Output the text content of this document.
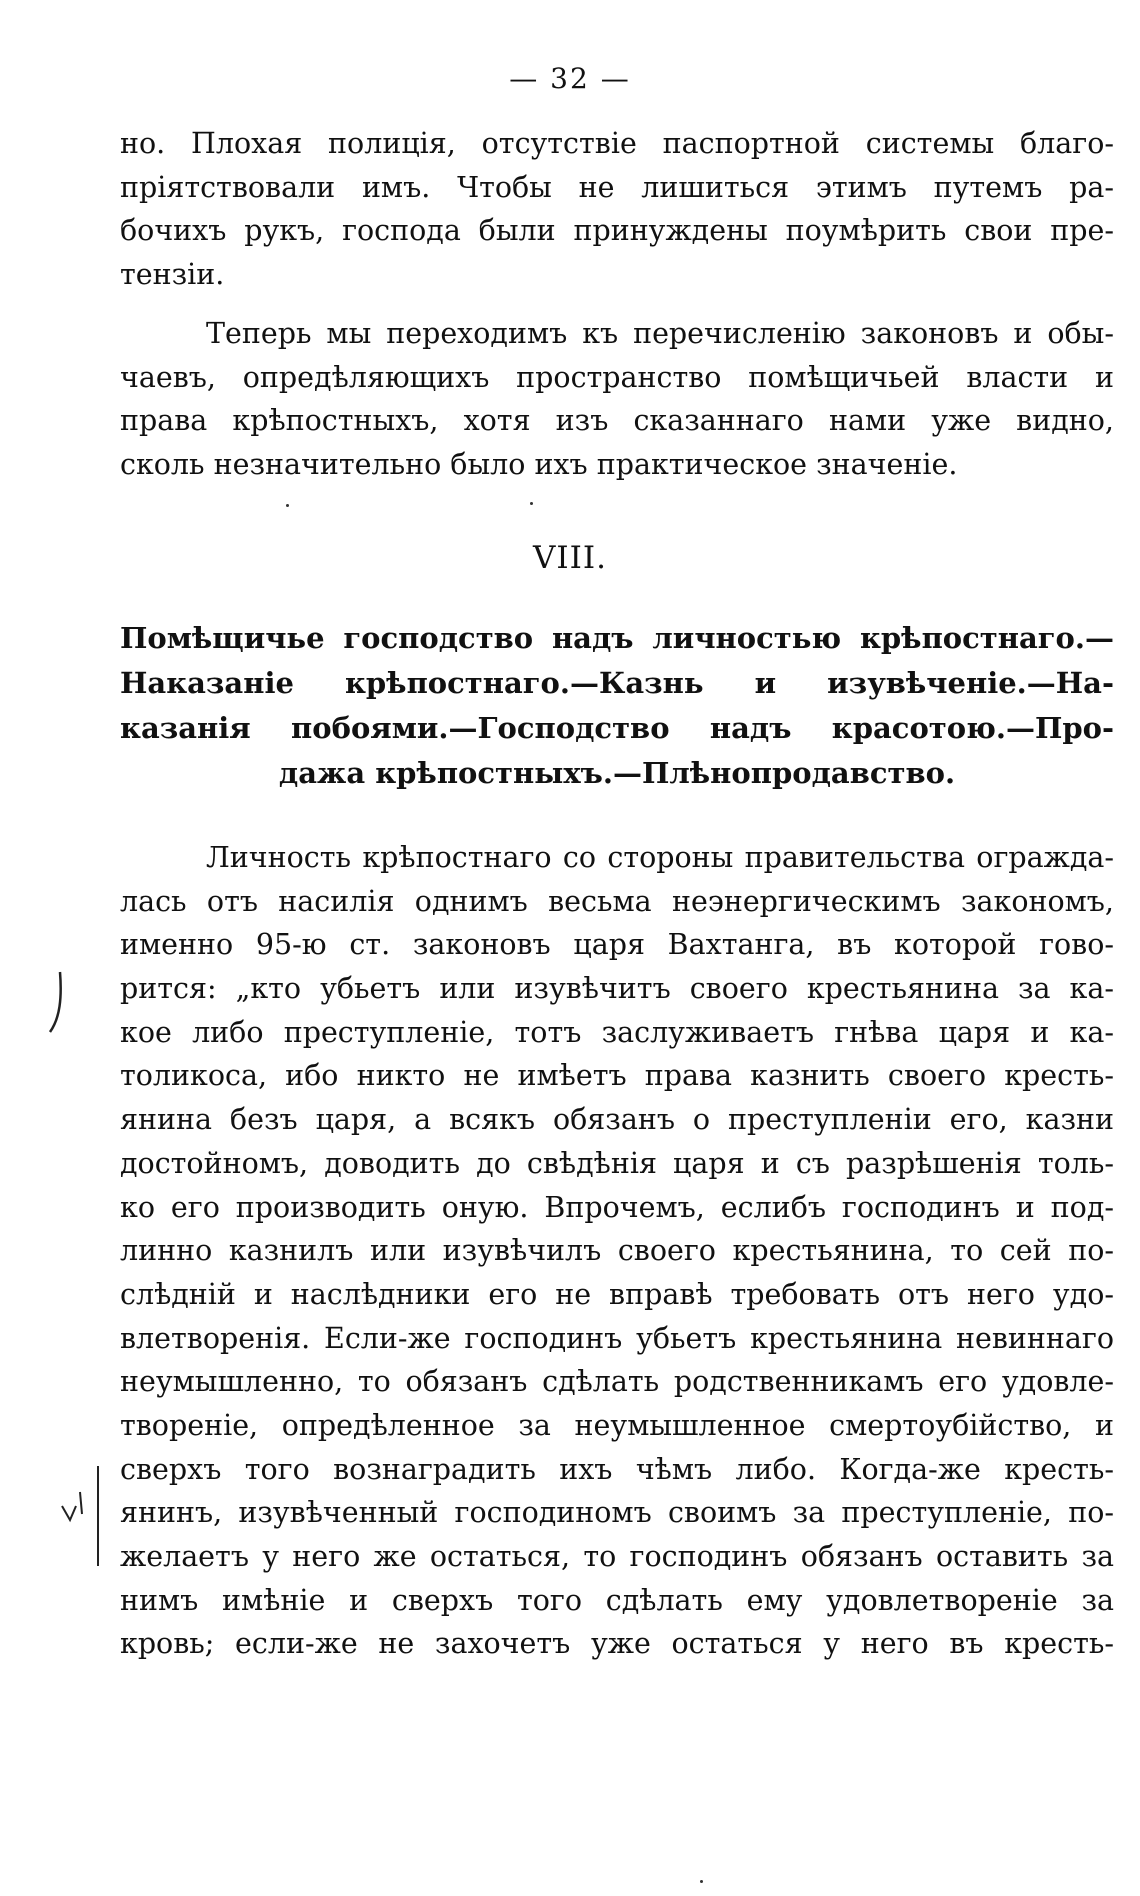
— 32 —
но. Плохая полиція, отсутствіе паспортной системы благо-
пріятствовали имъ. Чтобы не лишиться этимъ путемъ ра-
бочихъ рукъ, господа были принуждены поумѣрить свои пре-
тензіи.
Теперь мы переходимъ къ перечисленію законовъ и обы-
чаевъ, опредѣляющихъ пространство помѣщичьей власти и
права крѣпостныхъ, хотя изъ сказаннаго нами уже видно,
сколь незначительно было ихъ практическое значеніе.
VIII.
Помѣщичье господство надъ личностью крѣпостнаго.—
Наказаніе крѣпостнаго.—Казнь и изувѣченіе.—На-
казанія побоями.—Господство надъ красотою.—Про-
дажа крѣпостныхъ.—Плѣнопродавство.
Личность крѣпостнаго со стороны правительства огражда-
лась отъ насилія однимъ весьма неэнергическимъ закономъ,
именно 95-ю ст. законовъ царя Вахтанга, въ которой гово-
рится: „кто убьетъ или изувѣчитъ своего крестьянина за ка-
кое либо преступленіе, тотъ заслуживаетъ гнѣва царя и ка-
толикоса, ибо никто не имѣетъ права казнить своего кресть-
янина безъ царя, а всякъ обязанъ о преступленіи его, казни
достойномъ, доводить до свѣдѣнія царя и съ разрѣшенія толь-
ко его производить оную. Впрочемъ, еслибъ господинъ и под-
линно казнилъ или изувѣчилъ своего крестьянина, то сей по-
слѣдній и наслѣдники его не вправѣ требовать отъ него удо-
влетворенія. Если-же господинъ убьетъ крестьянина невиннаго
неумышленно, то обязанъ сдѣлать родственникамъ его удовле-
твореніе, опредѣленное за неумышленное смертоубійство, и
сверхъ того вознаградить ихъ чѣмъ либо. Когда-же кресть-
янинъ, изувѣченный господиномъ своимъ за преступленіе, по-
желаетъ у него же остаться, то господинъ обязанъ оставить за
нимъ имѣніе и сверхъ того сдѣлать ему удовлетвореніе за
кровь; если-же не захочетъ уже остаться у него въ кресть-
